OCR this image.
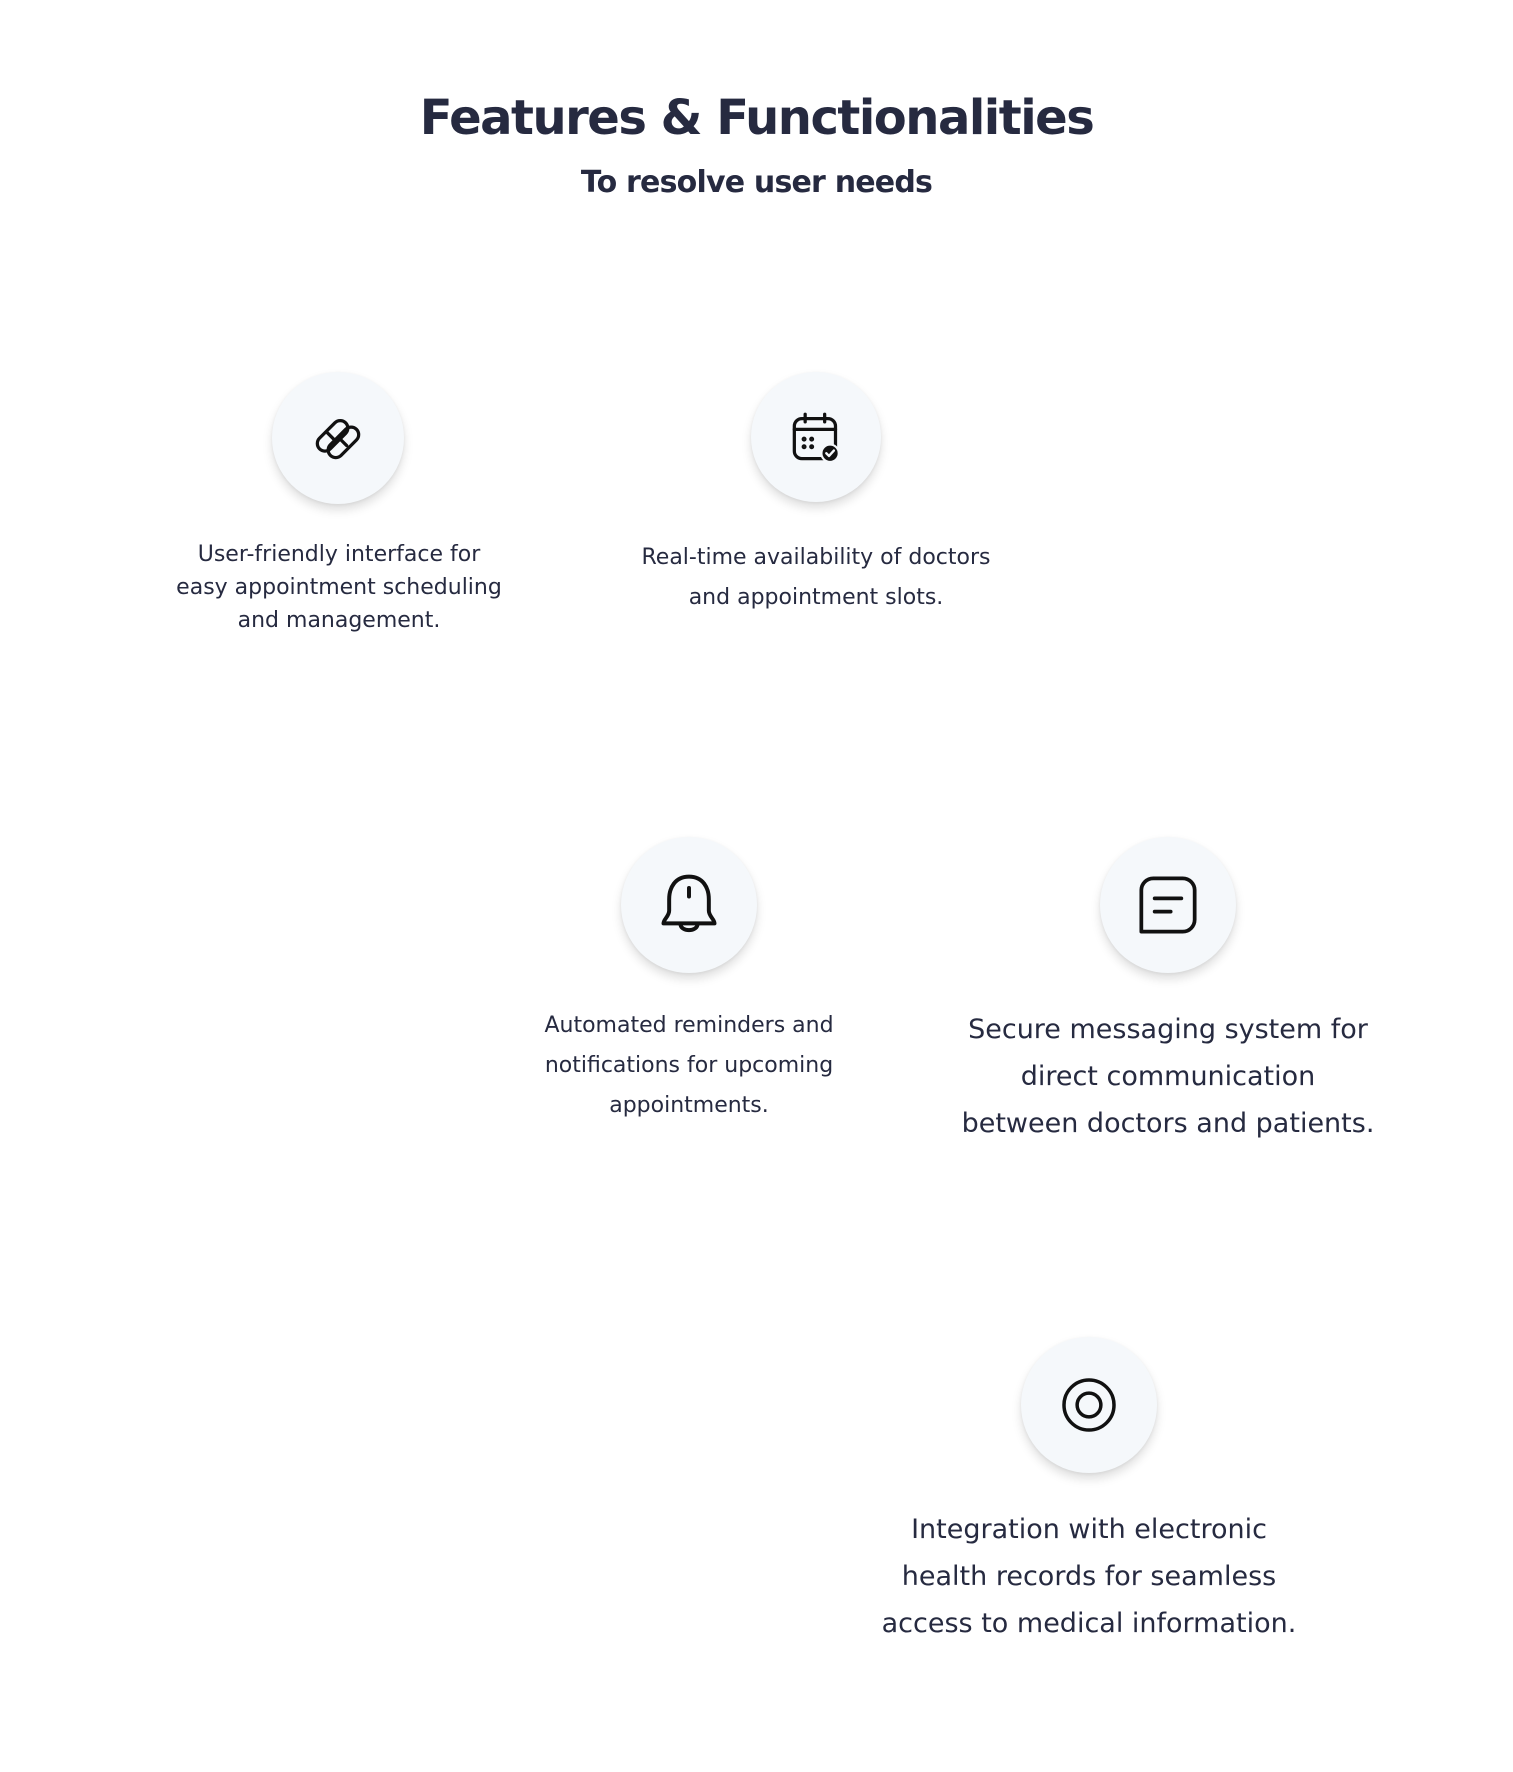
Features & Functionalities
To resolve user needs

User-friendly interface for
easy appointment scheduling
and management.

Real-time availability of doctors
and appointment slots.

Automated reminders and
notifications for upcoming
appointments.

Secure messaging system for
direct communication
between doctors and patients.

Integration with electronic
health records for seamless
access to medical information.
